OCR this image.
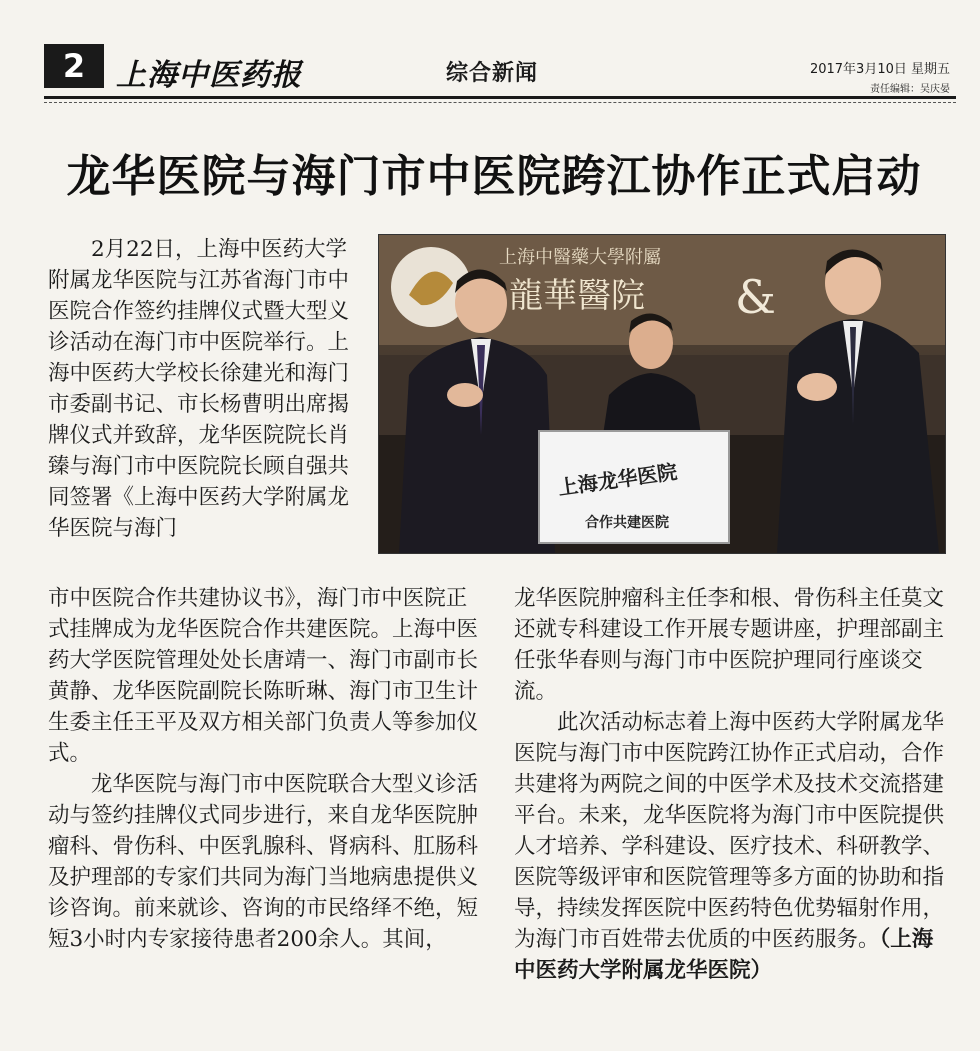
2	上海中医药报	综合新闻	2017年3月10日 星期五
责任编辑：吴庆晏
龙华医院与海门市中医院跨江协作正式启动

2月22日，上海中医药大学附属龙华医院与江苏省海门市中医院合作签约挂牌仪式暨大型义诊活动在海门市中医院举行。上海中医药大学校长徐建光和海门市委副书记、市长杨曹明出席揭牌仪式并致辞，龙华医院院长肖臻与海门市中医院院长顾自强共同签署《上海中医药大学附属龙华医院与海门

上海中醫藥大學附屬
龍華醫院 &
上海龙华医院
合作共建医院

市中医院合作共建协议书》，海门市中医院正式挂牌成为龙华医院合作共建医院。上海中医药大学医院管理处处长唐靖一、海门市副市长黄静、龙华医院副院长陈昕琳、海门市卫生计生委主任王平及双方相关部门负责人等参加仪式。

龙华医院与海门市中医院联合大型义诊活动与签约挂牌仪式同步进行，来自龙华医院肿瘤科、骨伤科、中医乳腺科、肾病科、肛肠科及护理部的专家们共同为海门当地病患提供义诊咨询。前来就诊、咨询的市民络绎不绝，短短3小时内专家接待患者200余人。其间，

龙华医院肿瘤科主任李和根、骨伤科主任莫文还就专科建设工作开展专题讲座，护理部副主任张华春则与海门市中医院护理同行座谈交流。

此次活动标志着上海中医药大学附属龙华医院与海门市中医院跨江协作正式启动，合作共建将为两院之间的中医学术及技术交流搭建平台。未来，龙华医院将为海门市中医院提供人才培养、学科建设、医疗技术、科研教学、医院等级评审和医院管理等多方面的协助和指导，持续发挥医院中医药特色优势辐射作用，为海门市百姓带去优质的中医药服务。（上海中医药大学附属龙华医院）
